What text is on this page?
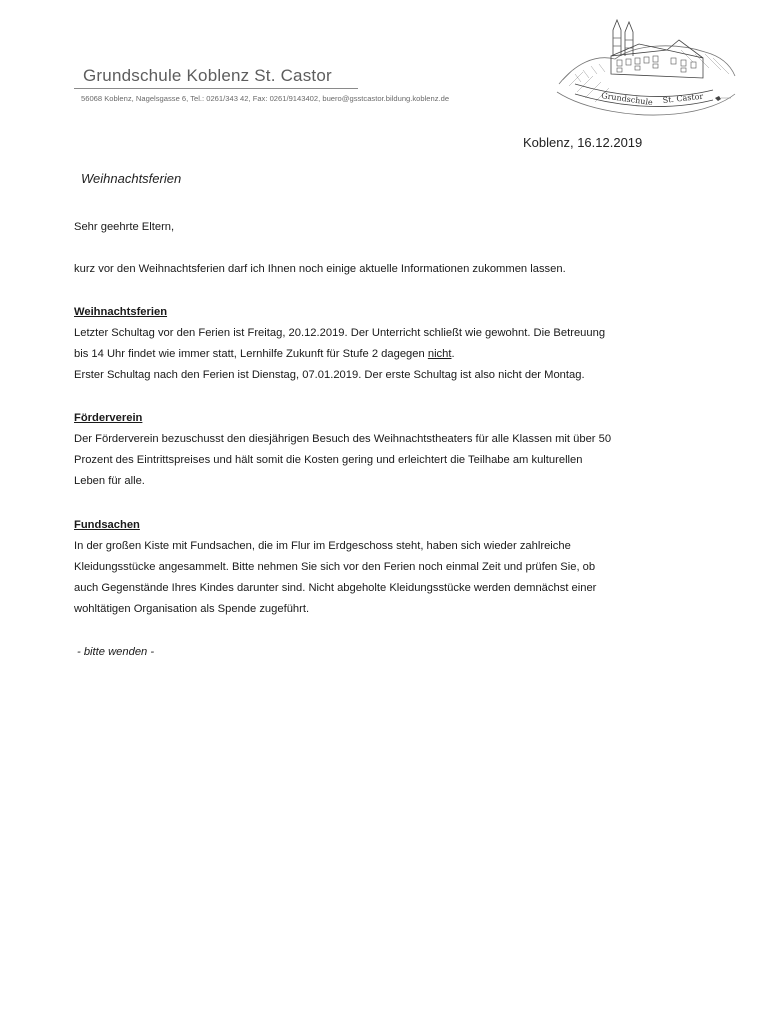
Grundschule Koblenz St. Castor
56068 Koblenz, Nagelsgasse 6, Tel.: 0261/343 42, Fax: 0261/9143402, buero@gsstcastor.bildung.koblenz.de	Grundschule St. Castor
Koblenz, 16.12.2019
Weihnachtsferien
Sehr geehrte Eltern,
kurz vor den Weihnachtsferien darf ich Ihnen noch einige aktuelle Informationen zukommen lassen.
Weihnachtsferien
Letzter Schultag vor den Ferien ist Freitag, 20.12.2019. Der Unterricht schließt wie gewohnt. Die Betreuung
bis 14 Uhr findet wie immer statt, Lernhilfe Zukunft für Stufe 2 dagegen nicht.
Erster Schultag nach den Ferien ist Dienstag, 07.01.2019. Der erste Schultag ist also nicht der Montag.
Förderverein
Der Förderverein bezuschusst den diesjährigen Besuch des Weihnachtstheaters für alle Klassen mit über 50
Prozent des Eintrittspreises und hält somit die Kosten gering und erleichtert die Teilhabe am kulturellen
Leben für alle.
Fundsachen
In der großen Kiste mit Fundsachen, die im Flur im Erdgeschoss steht, haben sich wieder zahlreiche
Kleidungsstücke angesammelt. Bitte nehmen Sie sich vor den Ferien noch einmal Zeit und prüfen Sie, ob
auch Gegenstände Ihres Kindes darunter sind. Nicht abgeholte Kleidungsstücke werden demnächst einer
wohltätigen Organisation als Spende zugeführt.
- bitte wenden -
